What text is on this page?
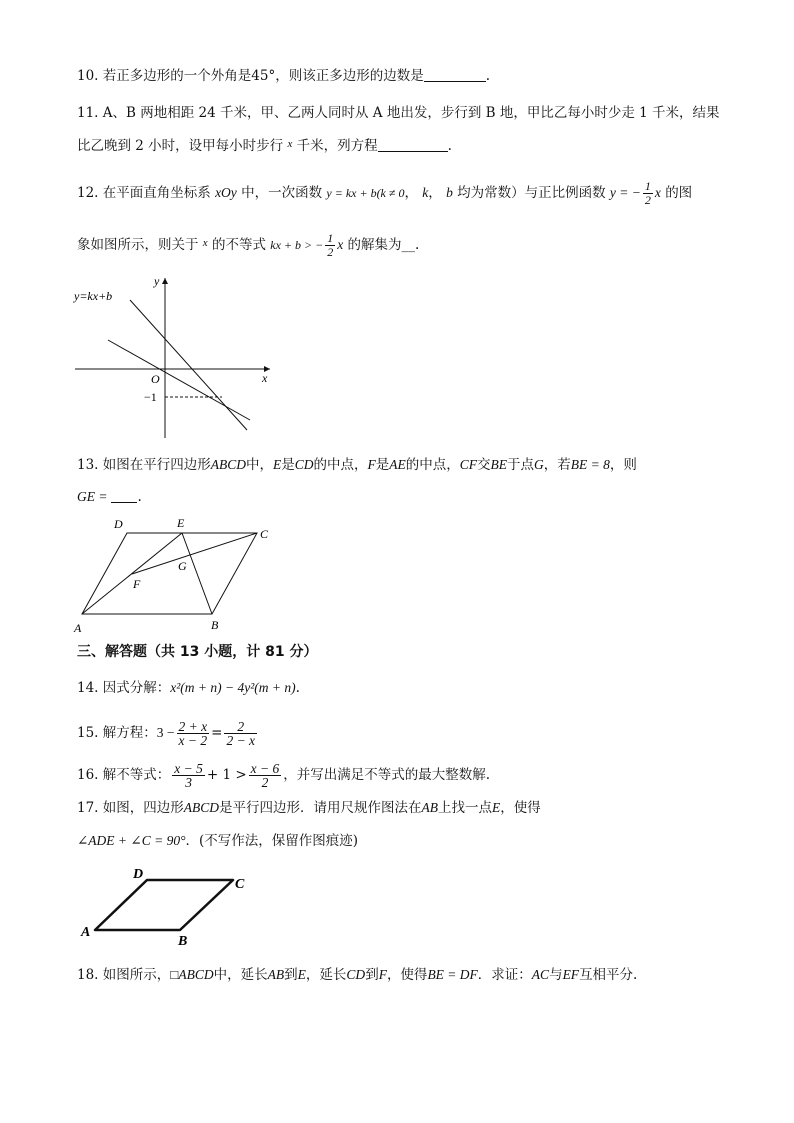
10. 若正多边形的一个外角是45°，则该正多边形的边数是	.
11. A、B 两地相距 24 千米，甲、乙两人同时从 A 地出发，步行到 B 地，甲比乙每小时少走 1 千米，结果
比乙晚到 2 小时，设甲每小时步行 $^x$ 千米，列方程	.
12. 在平面直角坐标系 xOy 中，一次函数 y = kx + b(k ≠ 0， k， b 均为常数）与正比例函数 y = − $\frac{1}{2}$ x 的图
象如图所示，则关于 $^x$ 的不等式 kx + b > − $\frac{1}{2}$ x 的解集为__.
y=kx+b
y
x
O
−1
13. 如图在平行四边形ABCD中，E是CD的中点，F是AE的中点，CF交BE于点G，若BE = 8，则
GE = .
D	E
C
F
G
A	B
三、解答题（共 13 小题，计 81 分）
14. 因式分解：x²(m + n) − 4y²(m + n).
15. 解方程：$3 - \frac{2 + x}{x - 2} = \frac{2}{2 - x}$
16. 解不等式： $\frac{x - 5}{3} + 1 > \frac{x - 6}{2}$ ，并写出满足不等式的最大整数解.
17. 如图，四边形ABCD是平行四边形．请用尺规作图法在AB上找一点E，使得
∠ADE + ∠C = 90°．(不写作法，保留作图痕迹)
D
C
A
B
18. 如图所示，□ABCD中，延长AB到E，延长CD到F，使得BE = DF．求证：AC与EF互相平分.
